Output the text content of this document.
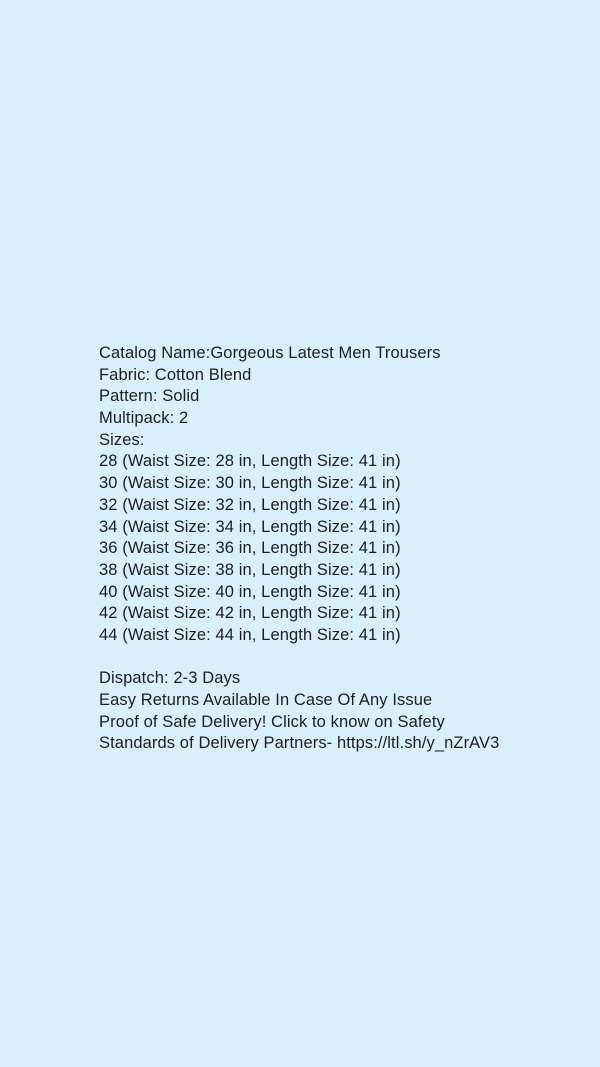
Catalog Name:Gorgeous Latest Men Trousers
Fabric: Cotton Blend
Pattern: Solid
Multipack: 2
Sizes:
28 (Waist Size: 28 in, Length Size: 41 in)
30 (Waist Size: 30 in, Length Size: 41 in)
32 (Waist Size: 32 in, Length Size: 41 in)
34 (Waist Size: 34 in, Length Size: 41 in)
36 (Waist Size: 36 in, Length Size: 41 in)
38 (Waist Size: 38 in, Length Size: 41 in)
40 (Waist Size: 40 in, Length Size: 41 in)
42 (Waist Size: 42 in, Length Size: 41 in)
44 (Waist Size: 44 in, Length Size: 41 in)
Dispatch: 2-3 Days
Easy Returns Available In Case Of Any Issue
Proof of Safe Delivery! Click to know on Safety
Standards of Delivery Partners- https://ltl.sh/y_nZrAV3
